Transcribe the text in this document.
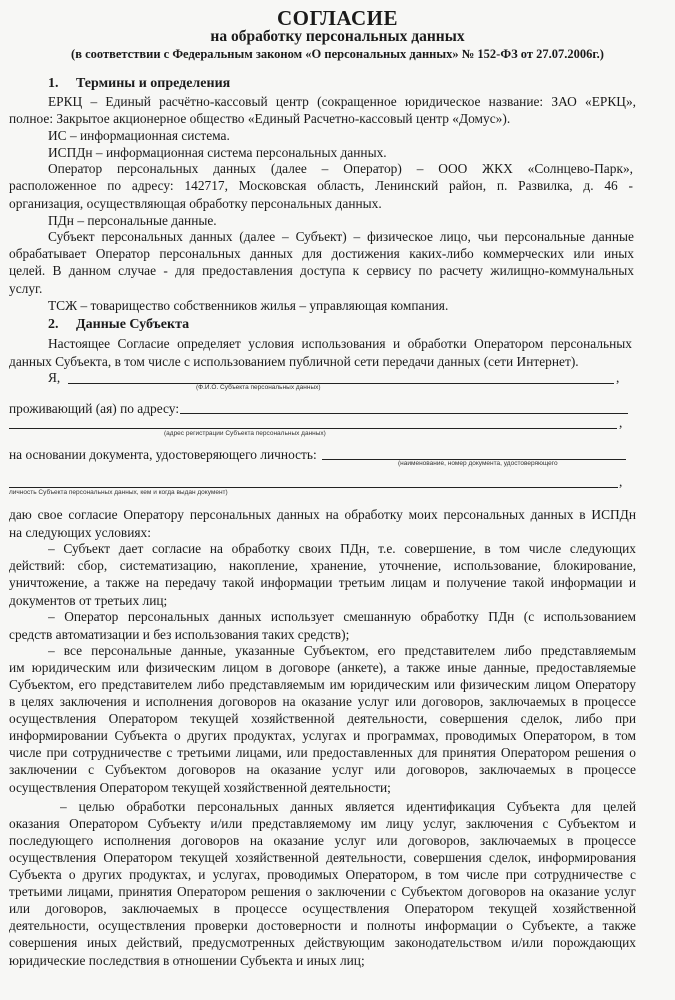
СОГЛАСИЕ
на обработку персональных данных
(в соответствии с Федеральным законом «О персональных данных» № 152-ФЗ от 27.07.2006г.)
1. Термины и определения
ЕРКЦ – Единый расчётно-кассовый центр (сокращенное юридическое название: ЗАО «ЕРКЦ»,
полное: Закрытое акционерное общество «Единый Расчетно-кассовый центр «Домус»).
ИС – информационная система.
ИСПДн – информационная система персональных данных.
Оператор персональных данных (далее – Оператор) – ООО ЖКХ «Солнцево-Парк»,
расположенное по адресу: 142717, Московская область, Ленинский район, п. Развилка, д. 46 -
организация, осуществляющая обработку персональных данных.
ПДн – персональные данные.
Субъект персональных данных (далее – Субъект) – физическое лицо, чьи персональные данные
обрабатывает Оператор персональных данных для достижения каких-либо коммерческих или иных
целей. В данном случае - для предоставления доступа к сервису по расчету жилищно-коммунальных
услуг.
ТСЖ – товарищество собственников жилья – управляющая компания.
2. Данные Субъекта
Настоящее Согласие определяет условия использования и обработки Оператором персональных
данных Субъекта, в том числе с использованием публичной сети передачи данных (сети Интернет).
Я,	,
(Ф.И.О. Субъекта персональных данных)
проживающий (ая) по адресу:
,
(адрес регистрации Субъекта персональных данных)
на основании документа, удостоверяющего личность:
(наименование, номер документа, удостоверяющего
,
личность Субъекта персональных данных, кем и когда выдан документ)
даю свое согласие Оператору персональных данных на обработку моих персональных данных в ИСПДн
на следующих условиях:
– Субъект дает согласие на обработку своих ПДн, т.е. совершение, в том числе следующих
действий: сбор, систематизацию, накопление, хранение, уточнение, использование, блокирование,
уничтожение, а также на передачу такой информации третьим лицам и получение такой информации и
документов от третьих лиц;
– Оператор персональных данных использует смешанную обработку ПДн (с использованием
средств автоматизации и без использования таких средств);
– все персональные данные, указанные Субъектом, его представителем либо представляемым
им юридическим или физическим лицом в договоре (анкете), а также иные данные, предоставляемые
Субъектом, его представителем либо представляемым им юридическим или физическим лицом Оператору
в целях заключения и исполнения договоров на оказание услуг или договоров, заключаемых в процессе
осуществления Оператором текущей хозяйственной деятельности, совершения сделок, либо при
информировании Субъекта о других продуктах, услугах и программах, проводимых Оператором, в том
числе при сотрудничестве с третьими лицами, или предоставленных для принятия Оператором решения о
заключении с Субъектом договоров на оказание услуг или договоров, заключаемых в процессе
осуществления Оператором текущей хозяйственной деятельности;
– целью обработки персональных данных является идентификация Субъекта для целей
оказания Оператором Субъекту и/или представляемому им лицу услуг, заключения с Субъектом и
последующего исполнения договоров на оказание услуг или договоров, заключаемых в процессе
осуществления Оператором текущей хозяйственной деятельности, совершения сделок, информирования
Субъекта о других продуктах, и услугах, проводимых Оператором, в том числе при сотрудничестве с
третьими лицами, принятия Оператором решения о заключении с Субъектом договоров на оказание услуг
или договоров, заключаемых в процессе осуществления Оператором текущей хозяйственной
деятельности, осуществления проверки достоверности и полноты информации о Субъекте, а также
совершения иных действий, предусмотренных действующим законодательством и/или порождающих
юридические последствия в отношении Субъекта и иных лиц;
